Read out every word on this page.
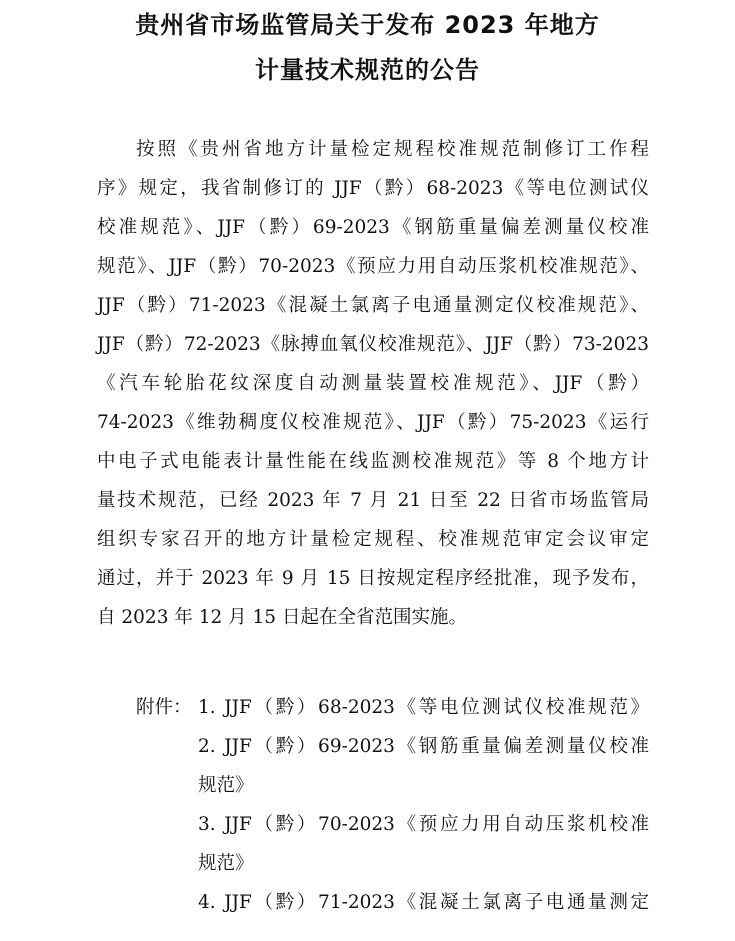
贵州省市场监管局关于发布 2023 年地方
计量技术规范的公告
按照《贵州省地方计量检定规程校准规范制修订工作程
序》规定，我省制修订的 JJF（黔）68-2023《等电位测试仪
校准规范》、JJF（黔）69-2023《钢筋重量偏差测量仪校准
规范》、JJF（黔）70-2023《预应力用自动压浆机校准规范》、
JJF（黔）71-2023《混凝土氯离子电通量测定仪校准规范》、
JJF（黔）72-2023《脉搏血氧仪校准规范》、JJF（黔）73-2023
《汽车轮胎花纹深度自动测量装置校准规范》、JJF（黔）
74-2023《维勃稠度仪校准规范》、JJF（黔）75-2023《运行
中电子式电能表计量性能在线监测校准规范》等 8 个地方计
量技术规范，已经 2023 年 7 月 21 日至 22 日省市场监管局
组织专家召开的地方计量检定规程、校准规范审定会议审定
通过，并于 2023 年 9 月 15 日按规定程序经批准，现予发布，
自 2023 年 12 月 15 日起在全省范围实施。
附件： 1. JJF（黔）68-2023《等电位测试仪校准规范》
2. JJF（黔）69-2023《钢筋重量偏差测量仪校准
规范》
3. JJF（黔）70-2023《预应力用自动压浆机校准
规范》
4. JJF（黔）71-2023《混凝土氯离子电通量测定
